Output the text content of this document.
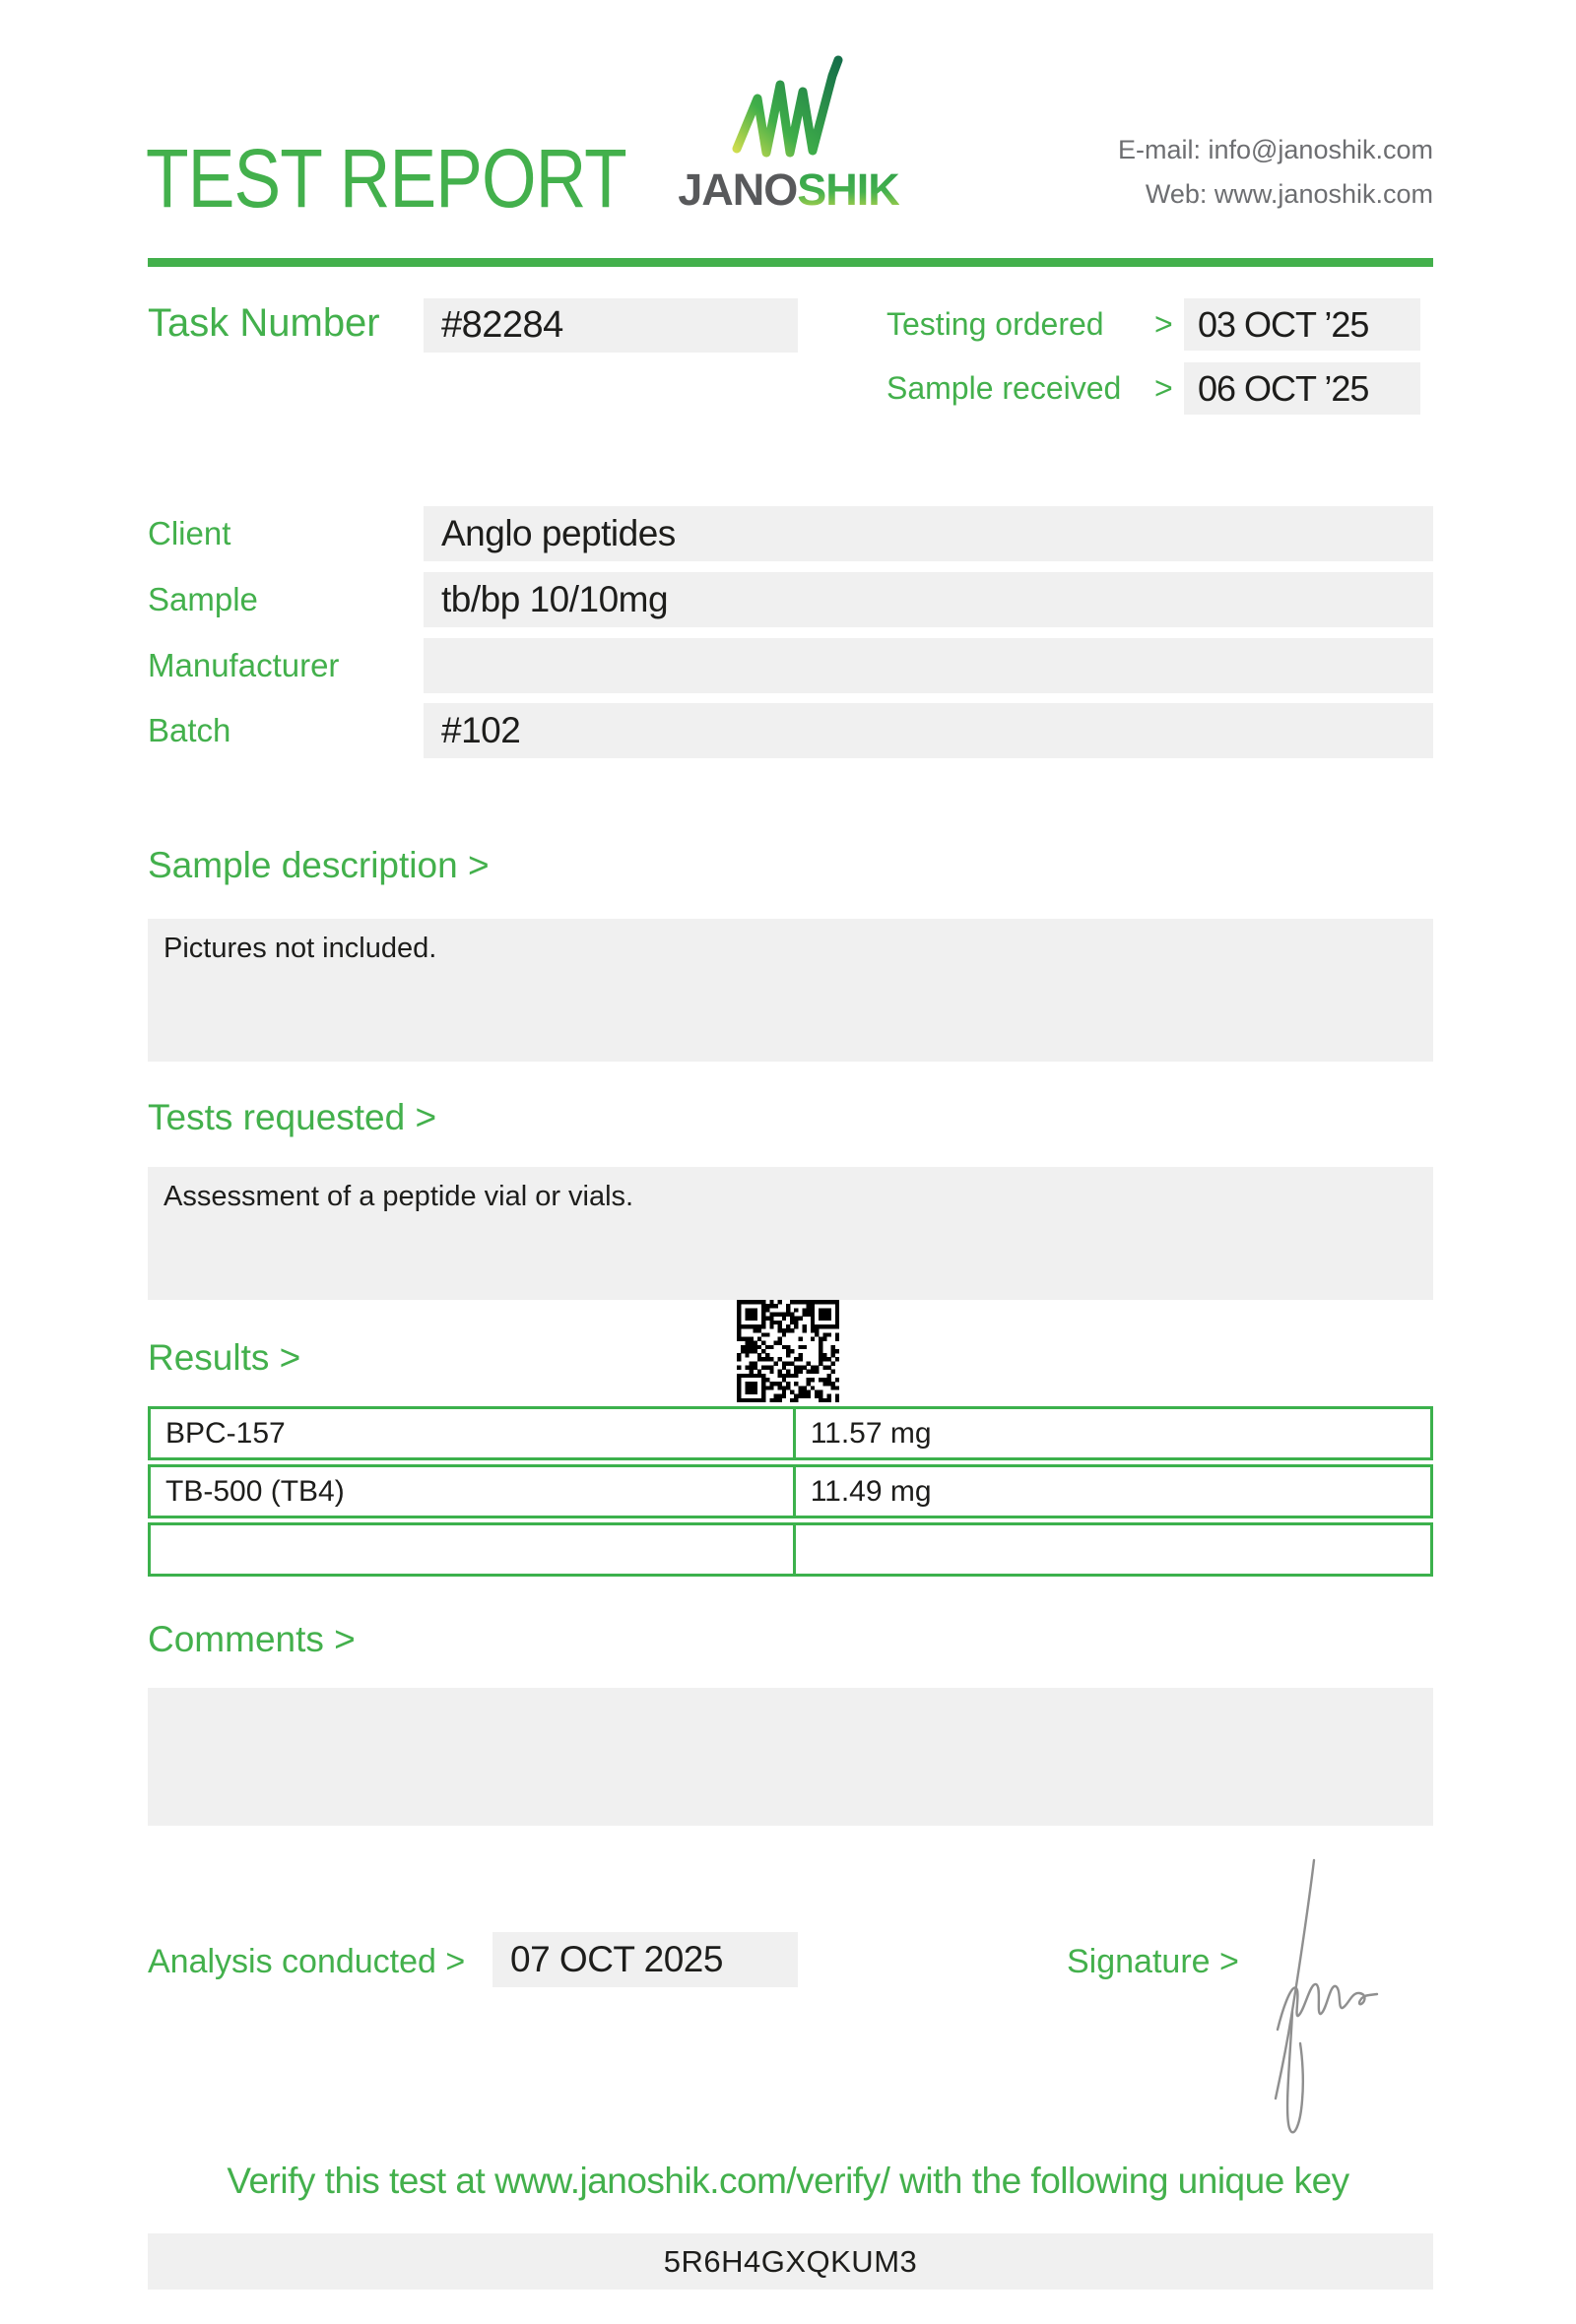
TEST REPORT JANOSHIK
E-mail: info@janoshik.com
Web: www.janoshik.com
Task Number	#82284	Testing ordered	> 03 OCT ’25
Sample received	> 06 OCT ’25
Client	Anglo peptides
Sample	tb/bp 10/10mg
Manufacturer
Batch	#102
Sample description >
Pictures not included.
Tests requested >
Assessment of a peptide vial or vials.
Results >
BPC-157	11.57 mg
TB-500 (TB4)	11.49 mg
Comments >
Analysis conducted >	07 OCT 2025	Signature >
Verify this test at www.janoshik.com/verify/ with the following unique key
5R6H4GXQKUM3
